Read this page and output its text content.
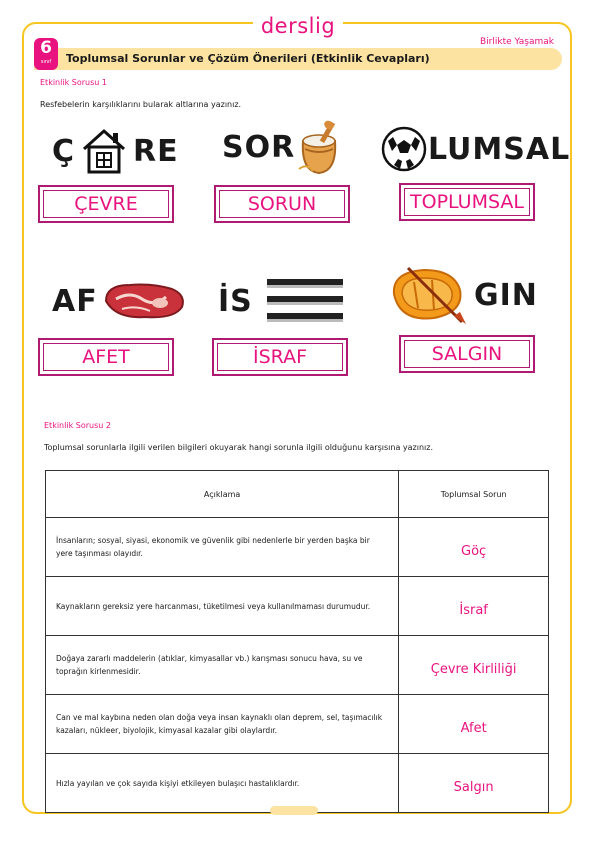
derslig
Birlikte Yaşamak
6
sınıf	Toplumsal Sorunlar ve Çözüm Önerileri (Etkinlik Cevapları)
Etkinlik Sorusu 1
Resfebelerin karşılıklarını bularak altlarına yazınız.
Ç RE SOR	LUMSAL
ÇEVRE	SORUN	TOPLUMSAL
AF	İS	GIN
AFET	İSRAF	SALGIN
Etkinlik Sorusu 2
Toplumsal sorunlarla ilgili verilen bilgileri okuyarak hangi sorunla ilgili olduğunu karşısına yazınız.
Açıklama	Toplumsal Sorun
İnsanların; sosyal, siyasi, ekonomik ve güvenlik gibi nedenlerle bir yerden başka bir yere taşınması olayıdır.	Göç
Kaynakların gereksiz yere harcanması, tüketilmesi veya kullanılmaması durumudur.	İsraf
Doğaya zararlı maddelerin (atıklar, kimyasallar vb.) karışması sonucu hava, su ve toprağın kirlenmesidir.	Çevre Kirliliği
Can ve mal kaybına neden olan doğa veya insan kaynaklı olan deprem, sel, taşımacılık kazaları, nükleer, biyolojik, kimyasal kazalar gibi olaylardır.	Afet
Hızla yayılan ve çok sayıda kişiyi etkileyen bulaşıcı hastalıklardır.	Salgın
